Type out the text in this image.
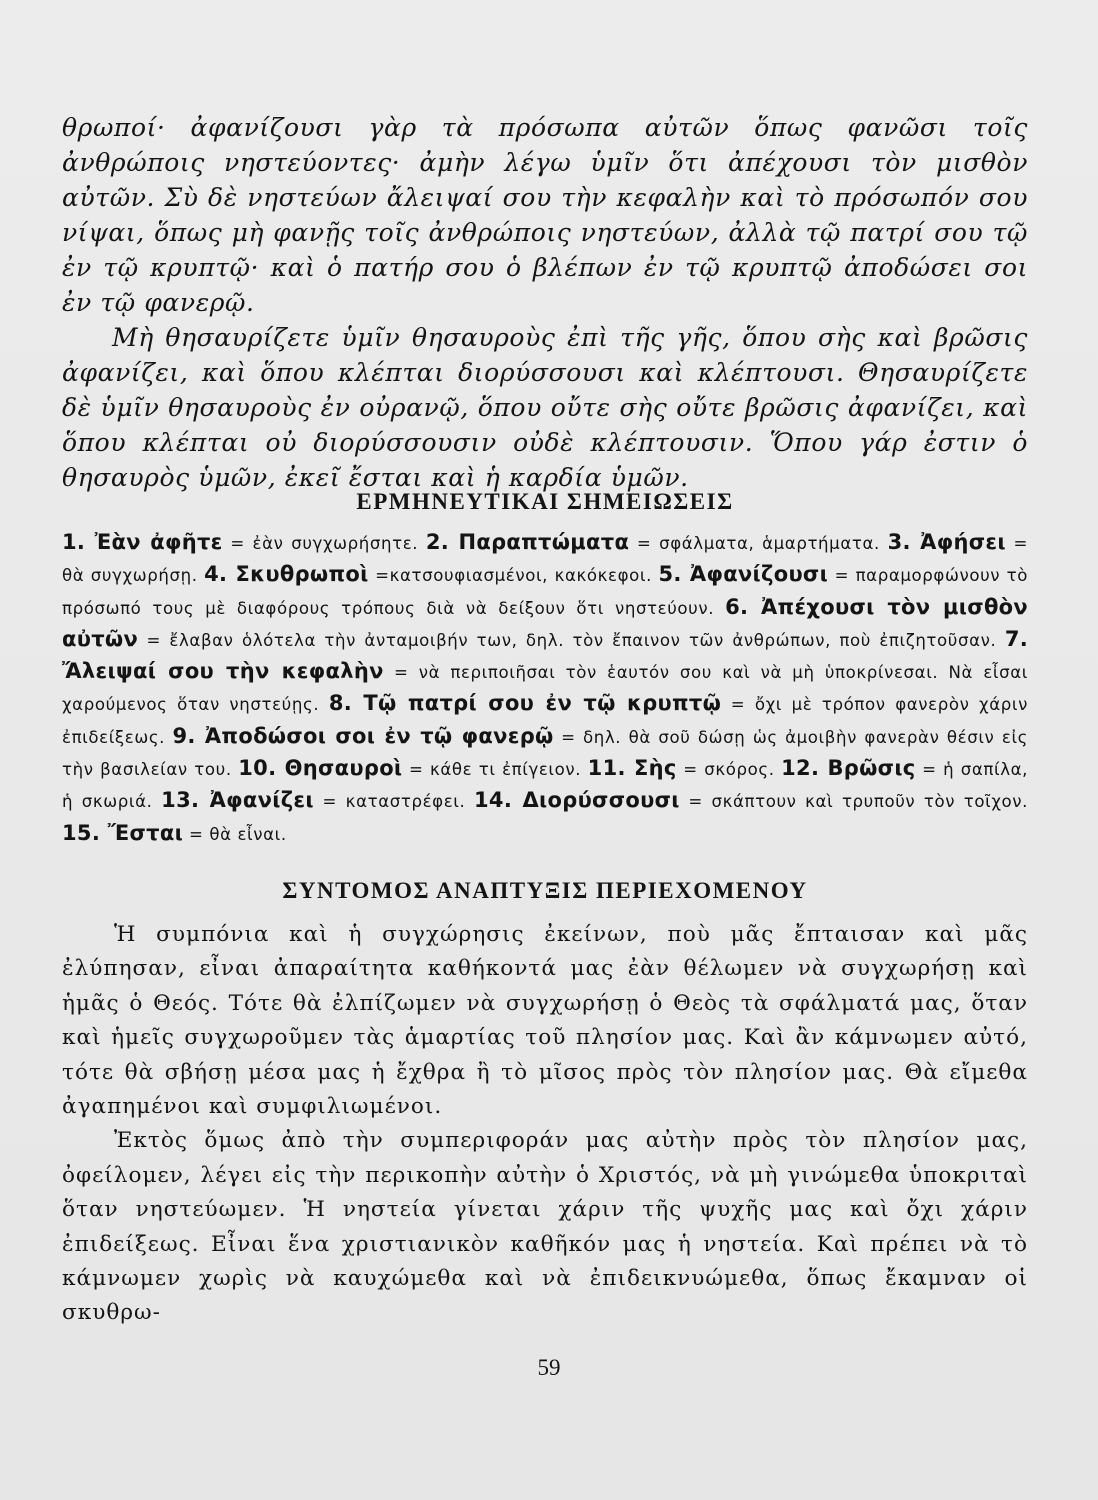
θρωποί· ἀφανίζουσι γὰρ τὰ πρόσωπα αὐτῶν ὅπως φανῶσι τοῖς ἀνθρώποις νηστεύοντες· ἀμὴν λέγω ὑμῖν ὅτι ἀπέχουσι τὸν μισθὸν αὐτῶν. Σὺ δὲ νηστεύων ἄλειψαί σου τὴν κεφαλὴν καὶ τὸ πρόσωπόν σου νίψαι, ὅπως μὴ φανῇς τοῖς ἀνθρώποις νηστεύων, ἀλλὰ τῷ πατρί σου τῷ ἐν τῷ κρυπτῷ· καὶ ὁ πατήρ σου ὁ βλέπων ἐν τῷ κρυπτῷ ἀποδώσει σοι ἐν τῷ φανερῷ.

Μὴ θησαυρίζετε ὑμῖν θησαυροὺς ἐπὶ τῆς γῆς, ὅπου σὴς καὶ βρῶσις ἀφανίζει, καὶ ὅπου κλέπται διορύσσουσι καὶ κλέπτουσι. Θησαυρίζετε δὲ ὑμῖν θησαυροὺς ἐν οὐρανῷ, ὅπου οὔτε σὴς οὔτε βρῶσις ἀφανίζει, καὶ ὅπου κλέπται οὐ διορύσσουσιν οὐδὲ κλέπτουσιν. Ὅπου γάρ ἐστιν ὁ θησαυρὸς ὑμῶν, ἐκεῖ ἔσται καὶ ἡ καρδία ὑμῶν.

ΕΡΜΗΝΕΥΤΙΚΑΙ ΣΗΜΕΙΩΣΕΙΣ
1. Ἐὰν ἀφῆτε = ἐὰν συγχωρήσητε. 2. Παραπτώματα = σφάλματα, ἁμαρτήματα. 3. Ἀφήσει = θὰ συγχωρήσῃ. 4. Σκυθρωποὶ =κατσουφιασμένοι, κακόκεφοι. 5. Ἀφανίζουσι = παραμορφώνουν τὸ πρόσωπό τους μὲ διαφόρους τρόπους διὰ νὰ δείξουν ὅτι νηστεύουν. 6. Ἀπέχουσι τὸν μισθὸν αὐτῶν = ἔλαβαν ὁλότελα τὴν ἀνταμοιβήν των, δηλ. τὸν ἔπαινον τῶν ἀνθρώπων, ποὺ ἐπιζητοῦσαν. 7. Ἄλειψαί σου τὴν κεφαλὴν = νὰ περιποιῆσαι τὸν ἑαυτόν σου καὶ νὰ μὴ ὑποκρίνεσαι. Νὰ εἶσαι χαρούμενος ὅταν νηστεύῃς. 8. Τῷ πατρί σου ἐν τῷ κρυπτῷ = ὄχι μὲ τρόπον φανερὸν χάριν ἐπιδείξεως. 9. Ἀποδώσοι σοι ἐν τῷ φανερῷ = δηλ. θὰ σοῦ δώσῃ ὡς ἀμοιβὴν φανερὰν θέσιν εἰς τὴν βασιλείαν του. 10. Θησαυροὶ = κάθε τι ἐπίγειον. 11. Σὴς = σκόρος. 12. Βρῶσις = ἡ σαπίλα, ἡ σκωριά. 13. Ἀφανίζει = καταστρέφει. 14. Διορύσσουσι = σκάπτουν καὶ τρυποῦν τὸν τοῖχον. 15. Ἔσται = θὰ εἶναι.
ΣΥΝΤΟΜΟΣ ΑΝΑΠΤΥΞΙΣ ΠΕΡΙΕΧΟΜΕΝΟΥ

Ἡ συμπόνια καὶ ἡ συγχώρησις ἐκείνων, ποὺ μᾶς ἔπταισαν καὶ μᾶς ἐλύπησαν, εἶναι ἀπαραίτητα καθήκοντά μας ἐὰν θέλωμεν νὰ συγχωρήσῃ καὶ ἡμᾶς ὁ Θεός. Τότε θὰ ἐλπίζωμεν νὰ συγχωρήσῃ ὁ Θεὸς τὰ σφάλματά μας, ὅταν καὶ ἡμεῖς συγχωροῦμεν τὰς ἁμαρτίας τοῦ πλησίον μας. Καὶ ἂν κάμνωμεν αὐτό, τότε θὰ σβήσῃ μέσα μας ἡ ἔχθρα ἢ τὸ μῖσος πρὸς τὸν πλησίον μας. Θὰ εἴμεθα ἀγαπημένοι καὶ συμφιλιωμένοι.

Ἐκτὸς ὅμως ἀπὸ τὴν συμπεριφοράν μας αὐτὴν πρὸς τὸν πλησίον μας, ὀφείλομεν, λέγει εἰς τὴν περικοπὴν αὐτὴν ὁ Χριστός, νὰ μὴ γινώμεθα ὑποκριταὶ ὅταν νηστεύωμεν. Ἡ νηστεία γίνεται χάριν τῆς ψυχῆς μας καὶ ὄχι χάριν ἐπιδείξεως. Εἶναι ἕνα χριστιανικὸν καθῆκόν μας ἡ νηστεία. Καὶ πρέπει νὰ τὸ κάμνωμεν χωρὶς νὰ καυχώμεθα καὶ νὰ ἐπιδεικνυώμεθα, ὅπως ἔκαμναν οἱ σκυθρω-

59
